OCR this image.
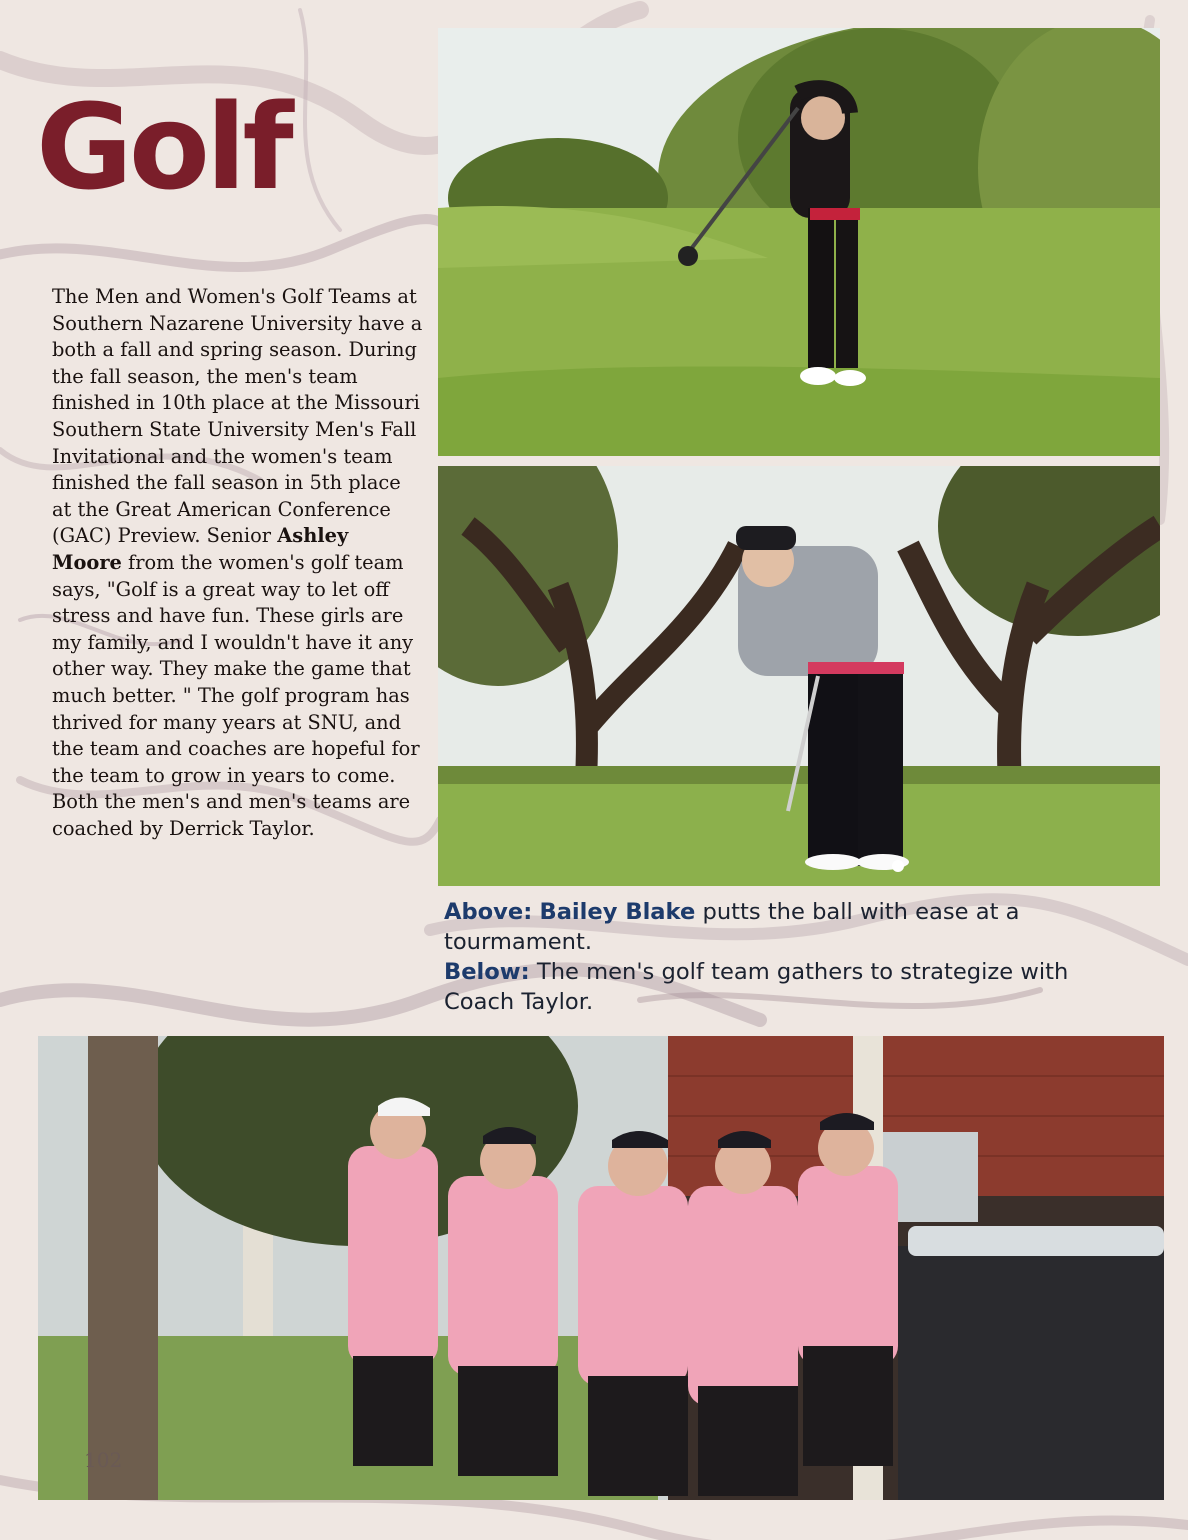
Golf

The Men and Women's Golf Teams at Southern Nazarene University have a both a fall and spring season. During the fall season, the men's team finished in 10th place at the Missouri Southern State University Men's Fall Invitational and the women's team finished the fall season in 5th place at the Great American Conference (GAC) Preview. Senior Ashley Moore from the women's golf team says, "Golf is a great way to let off stress and have fun. These girls are my family, and I wouldn't have it any other way. They make the game that much better. " The golf program has thrived for many years at SNU, and the team and coaches are hopeful for the team to grow in years to come. Both the men's and men's teams are coached by Derrick Taylor.

Above: Bailey Blake putts the ball with ease at a tourmament.

Below: The men's golf team gathers to strategize with Coach Taylor.

102
